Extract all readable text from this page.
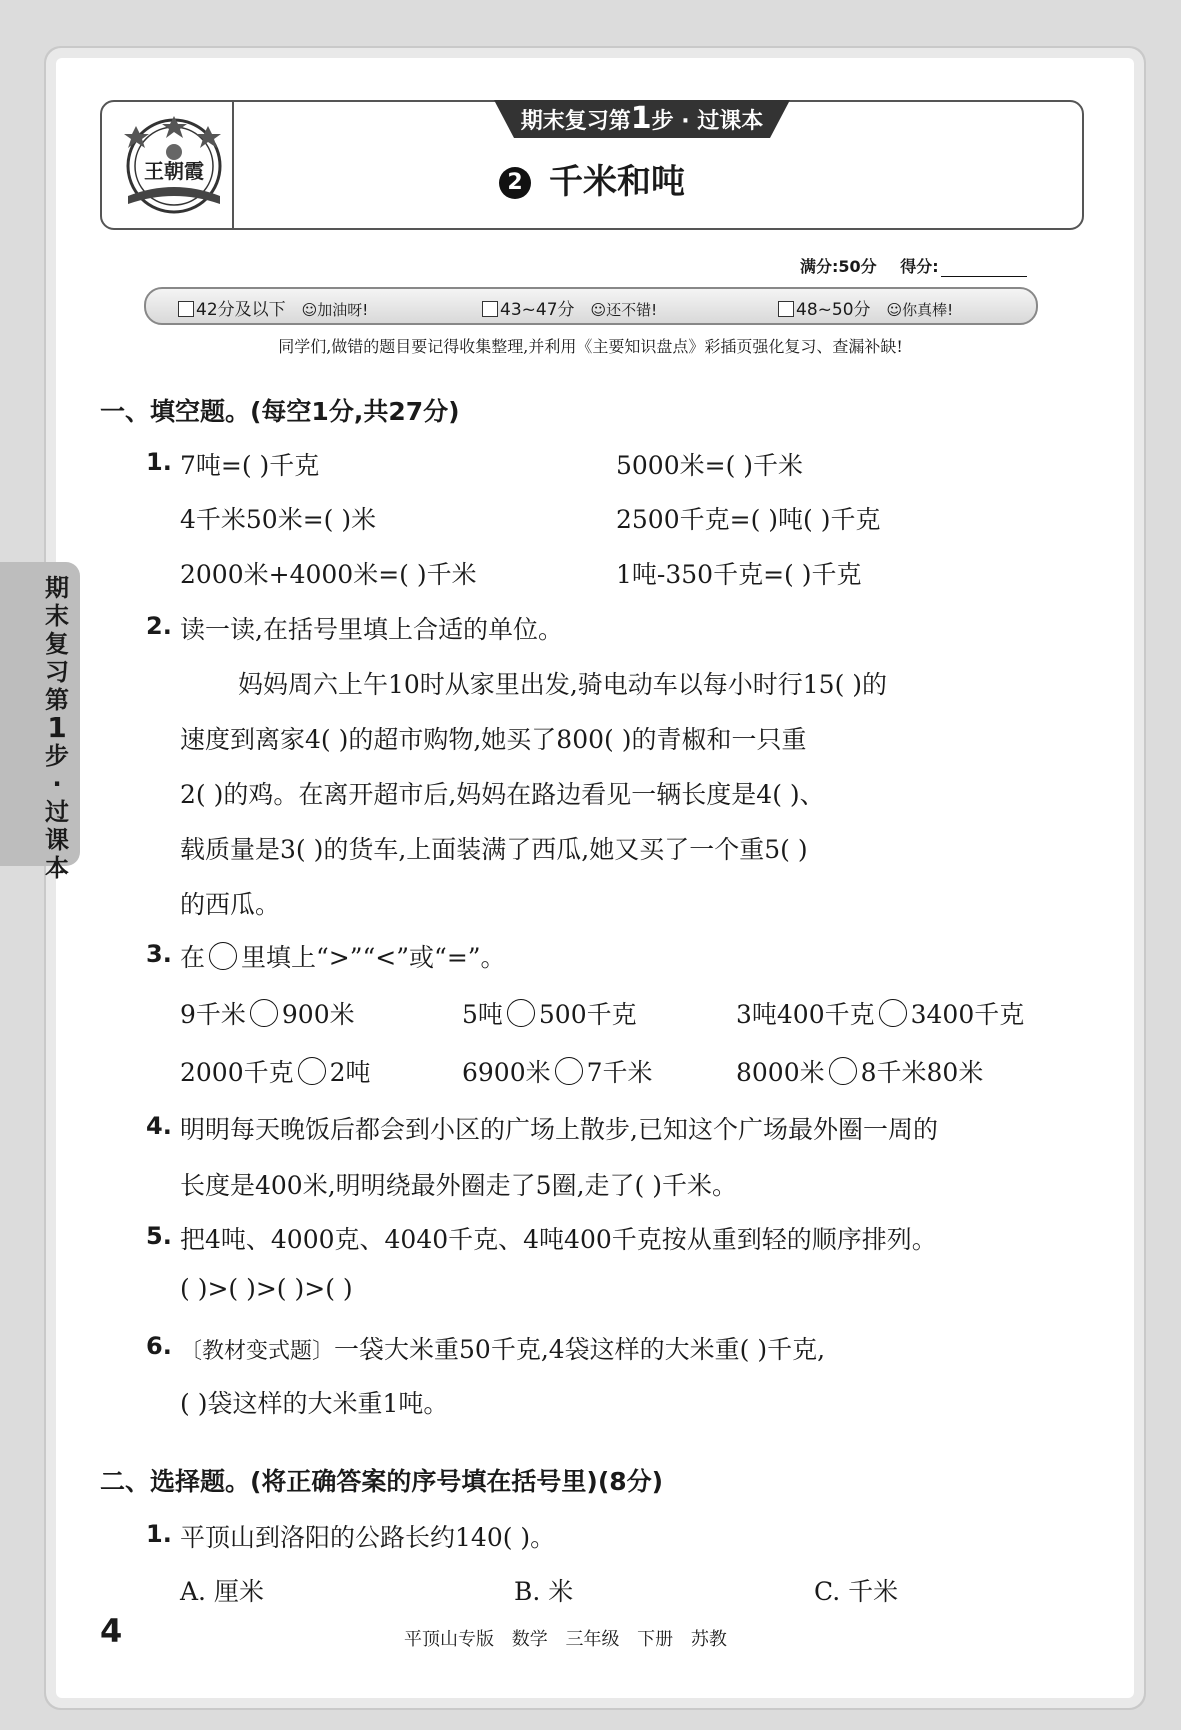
王朝霞
期末复习第1步 · 过课本
2 千米和吨
满分:50分 得分:
42分及以下 ☺加油呀!	43~47分 ☺还不错!	48~50分 ☺你真棒!
同学们,做错的题目要记得收集整理,并利用《主要知识盘点》彩插页强化复习、查漏补缺!
期
末
复
习
第
1
步
·
过
课
本
一、填空题。(每空1分,共27分)
1. 7吨=( )千克	5000米=( )千米
4千米50米=( )米	2500千克=( )吨( )千克
2000米+4000米=( )千米	1吨-350千克=( )千克
2. 读一读,在括号里填上合适的单位。
妈妈周六上午10时从家里出发,骑电动车以每小时行15( )的
速度到离家4( )的超市购物,她买了800( )的青椒和一只重
2( )的鸡。在离开超市后,妈妈在路边看见一辆长度是4( )、
载质量是3( )的货车,上面装满了西瓜,她又买了一个重5( )
的西瓜。
3. 在 里填上“>”“<”或“=”。
9千米 900米	5吨 500千克	3吨400千克 3400千克
2000千克 2吨	6900米 7千米	8000米 8千米80米
4. 明明每天晚饭后都会到小区的广场上散步,已知这个广场最外圈一周的
长度是400米,明明绕最外圈走了5圈,走了( )千米。
5. 把4吨、4000克、4040千克、4吨400千克按从重到轻的顺序排列。
( )>( )>( )>( )
6. 〔教材变式题〕一袋大米重50千克,4袋这样的大米重( )千克,
( )袋这样的大米重1吨。
二、选择题。(将正确答案的序号填在括号里)(8分)
1. 平顶山到洛阳的公路长约140( )。
A. 厘米	B. 米	C. 千米
4	平顶山专版 数学 三年级 下册 苏教
